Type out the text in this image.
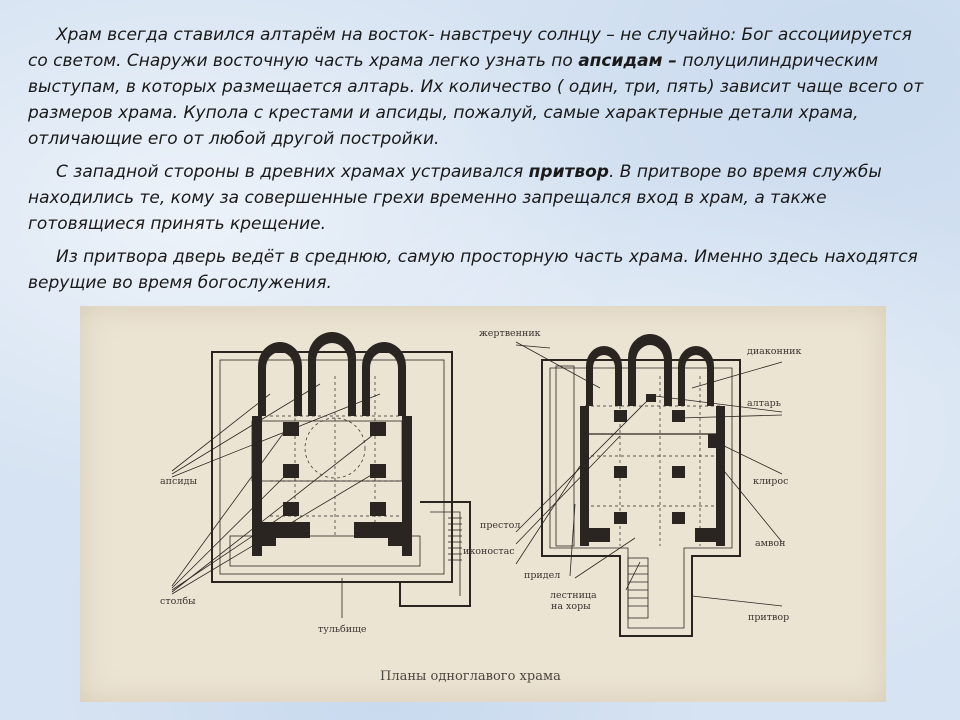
Храм всегда ставился алтарём на восток- навстречу солнцу – не случайно: Бог ассоциируется со светом. Снаружи восточную часть храма легко узнать по апсидам – полуцилиндрическим выступам, в которых размещается алтарь. Их количество ( один, три, пять) зависит чаще всего от размеров храма. Купола с крестами и апсиды, пожалуй, самые характерные детали храма, отличающие его от любой другой постройки.

С западной стороны в древних храмах устраивался притвор. В притворе во время службы находились те, кому за совершенные грехи временно запрещался вход в храм, а также готовящиеся принять крещение.

Из притвора дверь ведёт в среднюю, самую просторную часть храма. Именно здесь находятся верущие во время богослужения.

апсиды
столбы
тульбище
жертвенник
диаконник
алтарь
престол
иконостас
придел
лестница
на хоры
клирос
амвон
притвор
Планы одноглавого храма
